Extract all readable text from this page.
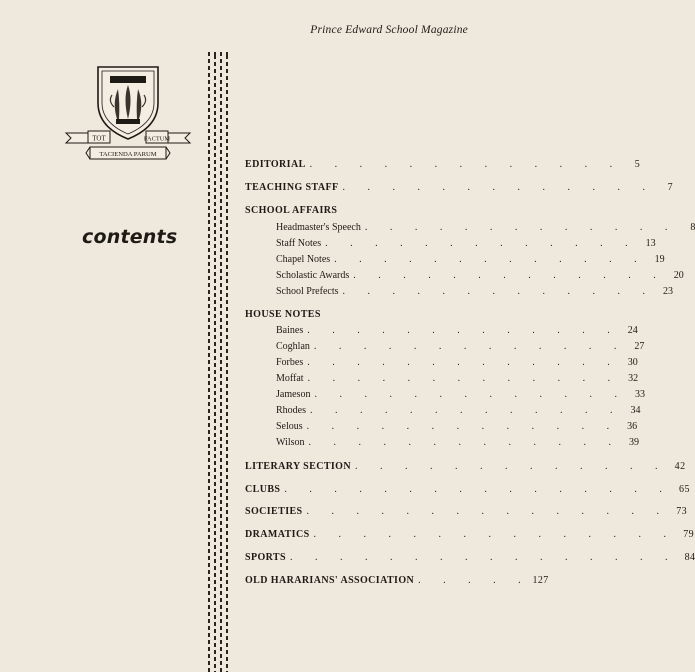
Prince Edward School Magazine
TOT	FACTUM
TACIENDA PARUM
contents
EDITORIAL . . . . . . . . . . . . .	5
TEACHING STAFF . . . . . . . . . . . . .	7
SCHOOL AFFAIRS
Headmaster's Speech . . . . . . . . . . . . .	8
Staff Notes . . . . . . . . . . . . . 13
Chapel Notes . . . . . . . . . . . . . 19
Scholastic Awards . . . . . . . . . . . . . 20
School Prefects . . . . . . . . . . . . . 23
HOUSE NOTES
Baines . . . . . . . . . . . . . 24
Coghlan . . . . . . . . . . . . . 27
Forbes . . . . . . . . . . . . . 30
Moffat . . . . . . . . . . . . . 32
Jameson . . . . . . . . . . . . . 33
Rhodes . . . . . . . . . . . . . 34
Selous . . . . . . . . . . . . . 36
Wilson . . . . . . . . . . . . . 39
LITERARY SECTION . . . . . . . . . . . . . 42
CLUBS . . . . . . . . . . . . . . . . 65
SOCIETIES . . . . . . . . . . . . . . . 73
DRAMATICS . . . . . . . . . . . . . . . 79
SPORTS . . . . . . . . . . . . . . . . 84
OLD HARARIANS' ASSOCIATION . . . . . 127
